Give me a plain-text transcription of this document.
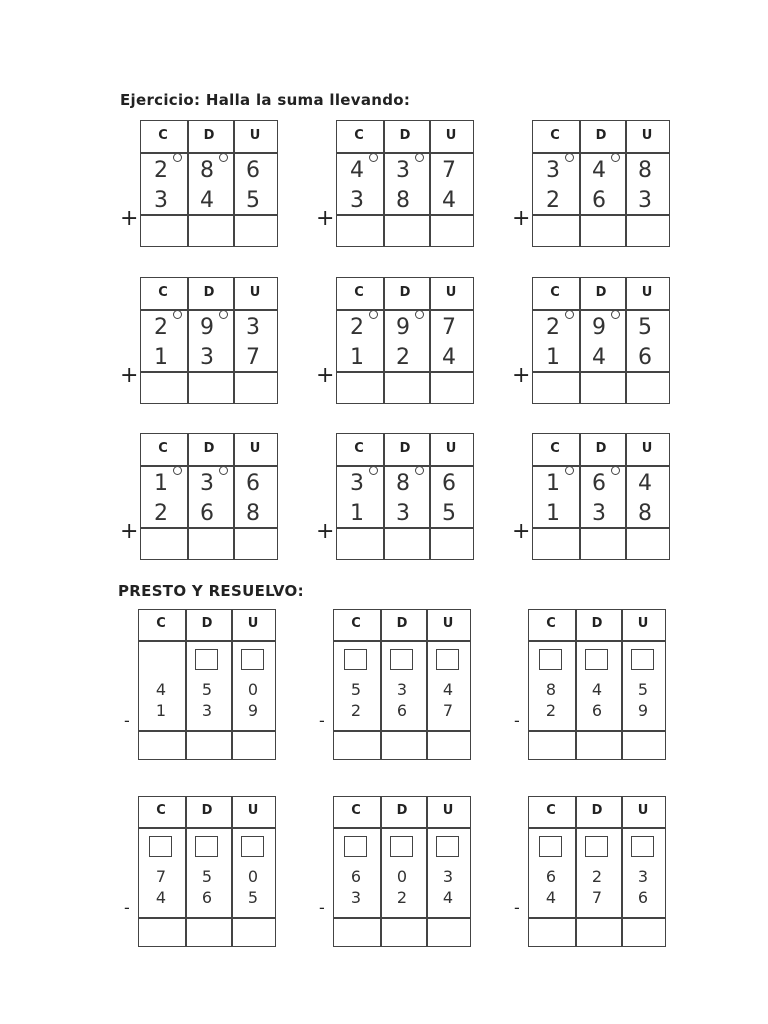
Ejercicio: Halla la suma llevando:
PRESTO Y RESUELVO:
C	D	U
2	8	6
3	4	5
+
C	D	U
4	3	7
3	8	4
+
C	D	U
3	4	8
2	6	3
+
C	D	U
2	9	3
1	3	7
+
C	D	U
2	9	7
1	2	4
+
C	D	U
2	9	5
1	4	6
+
C	D	U
1	3	6
2	6	8
+
C	D	U
3	8	6
1	3	5
+
C	D	U
1	6	4
1	3	8
+
C	D	U
4	5	0
1	3	9
-
C	D	U
5	3	4
2	6	7
-
C	D	U
8	4	5
2	6	9
-
C	D	U
7	5	0
4	6	5
-
C	D	U
6	0	3
3	2	4
-
C	D	U
6	2	3
4	7	6
-
